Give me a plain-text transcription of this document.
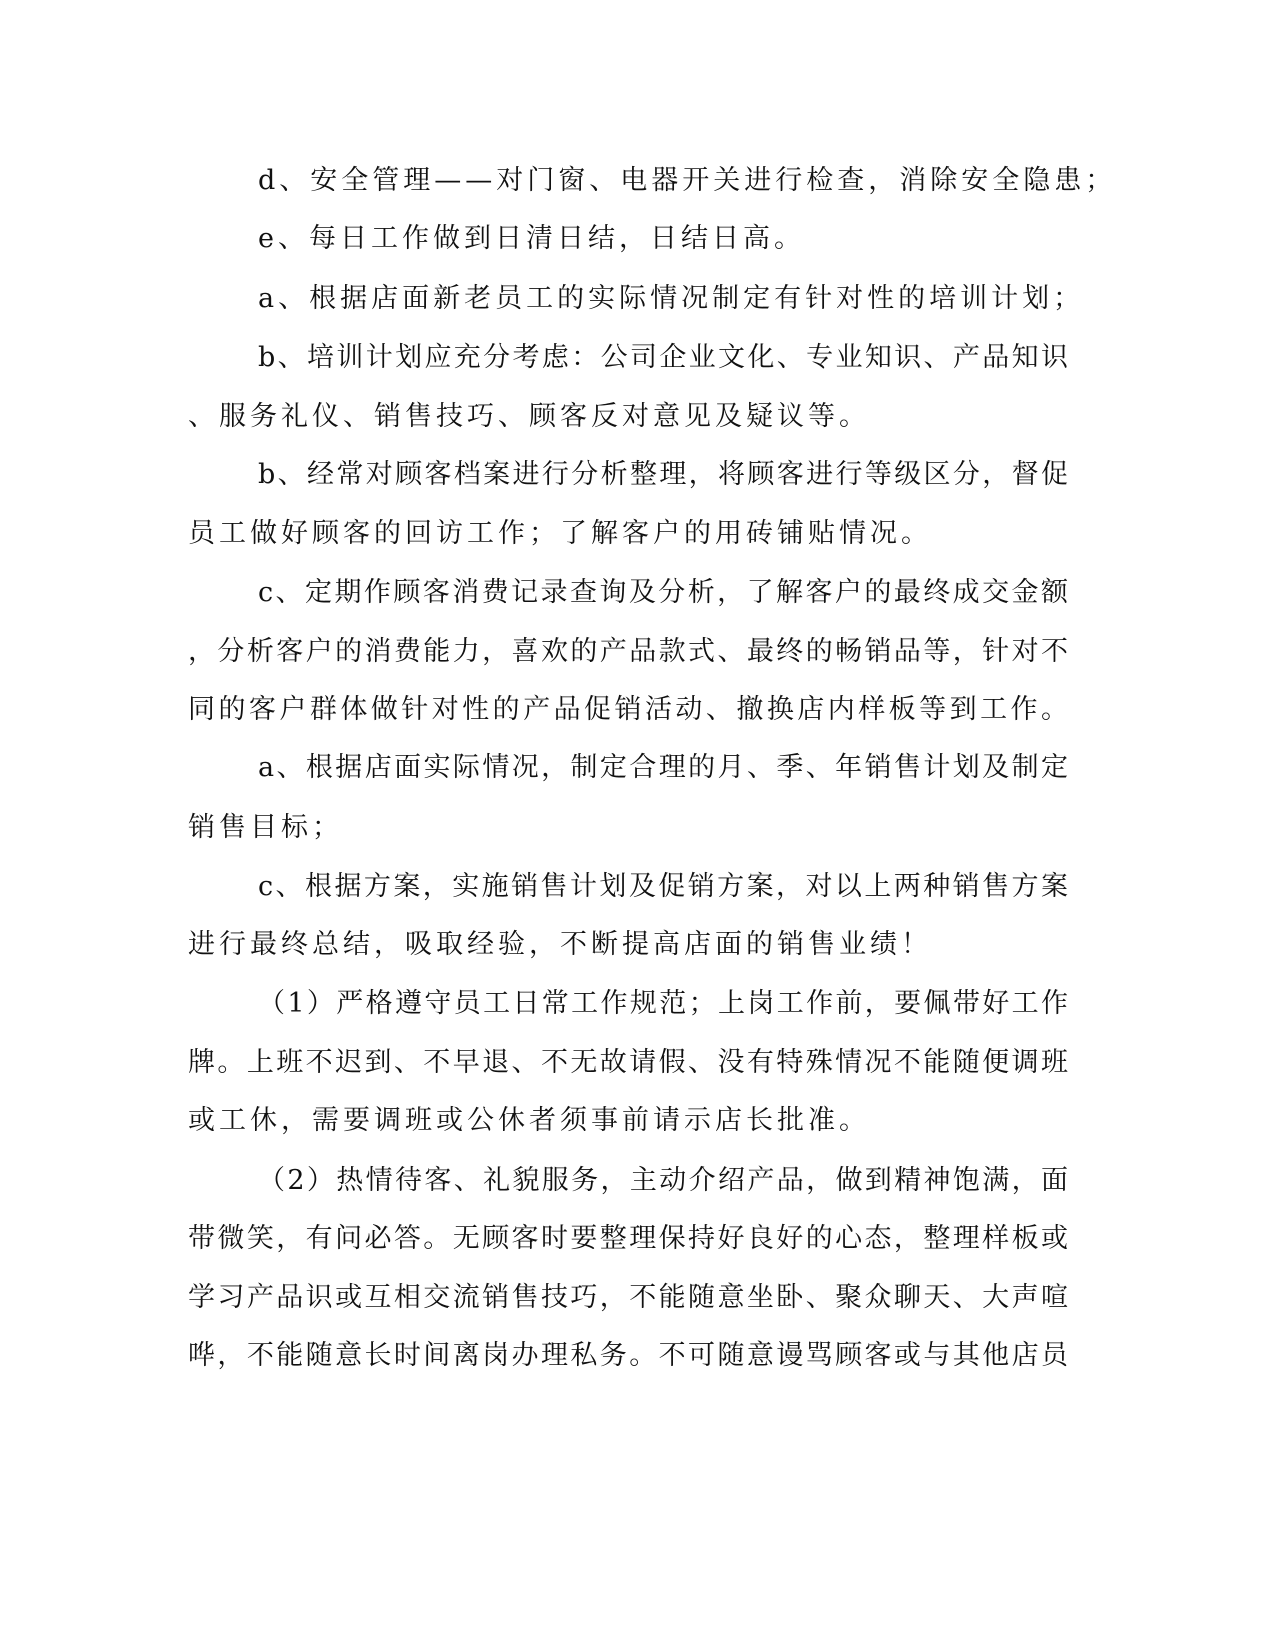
d、安全管理——对门窗、电器开关进行检查，消除安全隐患；
e、每日工作做到日清日结，日结日高。
a、根据店面新老员工的实际情况制定有针对性的培训计划；
b、培训计划应充分考虑：公司企业文化、专业知识、产品知识
、服务礼仪、销售技巧、顾客反对意见及疑议等。
b、经常对顾客档案进行分析整理，将顾客进行等级区分，督促
员工做好顾客的回访工作；了解客户的用砖铺贴情况。
c、定期作顾客消费记录查询及分析，了解客户的最终成交金额
，分析客户的消费能力，喜欢的产品款式、最终的畅销品等，针对不
同的客户群体做针对性的产品促销活动、撤换店内样板等到工作。
a、根据店面实际情况，制定合理的月、季、年销售计划及制定
销售目标；
c、根据方案，实施销售计划及促销方案，对以上两种销售方案
进行最终总结，吸取经验，不断提高店面的销售业绩！
（1）严格遵守员工日常工作规范；上岗工作前，要佩带好工作
牌。上班不迟到、不早退、不无故请假、没有特殊情况不能随便调班
或工休，需要调班或公休者须事前请示店长批准。
（2）热情待客、礼貌服务，主动介绍产品，做到精神饱满，面
带微笑，有问必答。无顾客时要整理保持好良好的心态，整理样板或
学习产品识或互相交流销售技巧，不能随意坐卧、聚众聊天、大声喧
哗，不能随意长时间离岗办理私务。不可随意谩骂顾客或与其他店员
